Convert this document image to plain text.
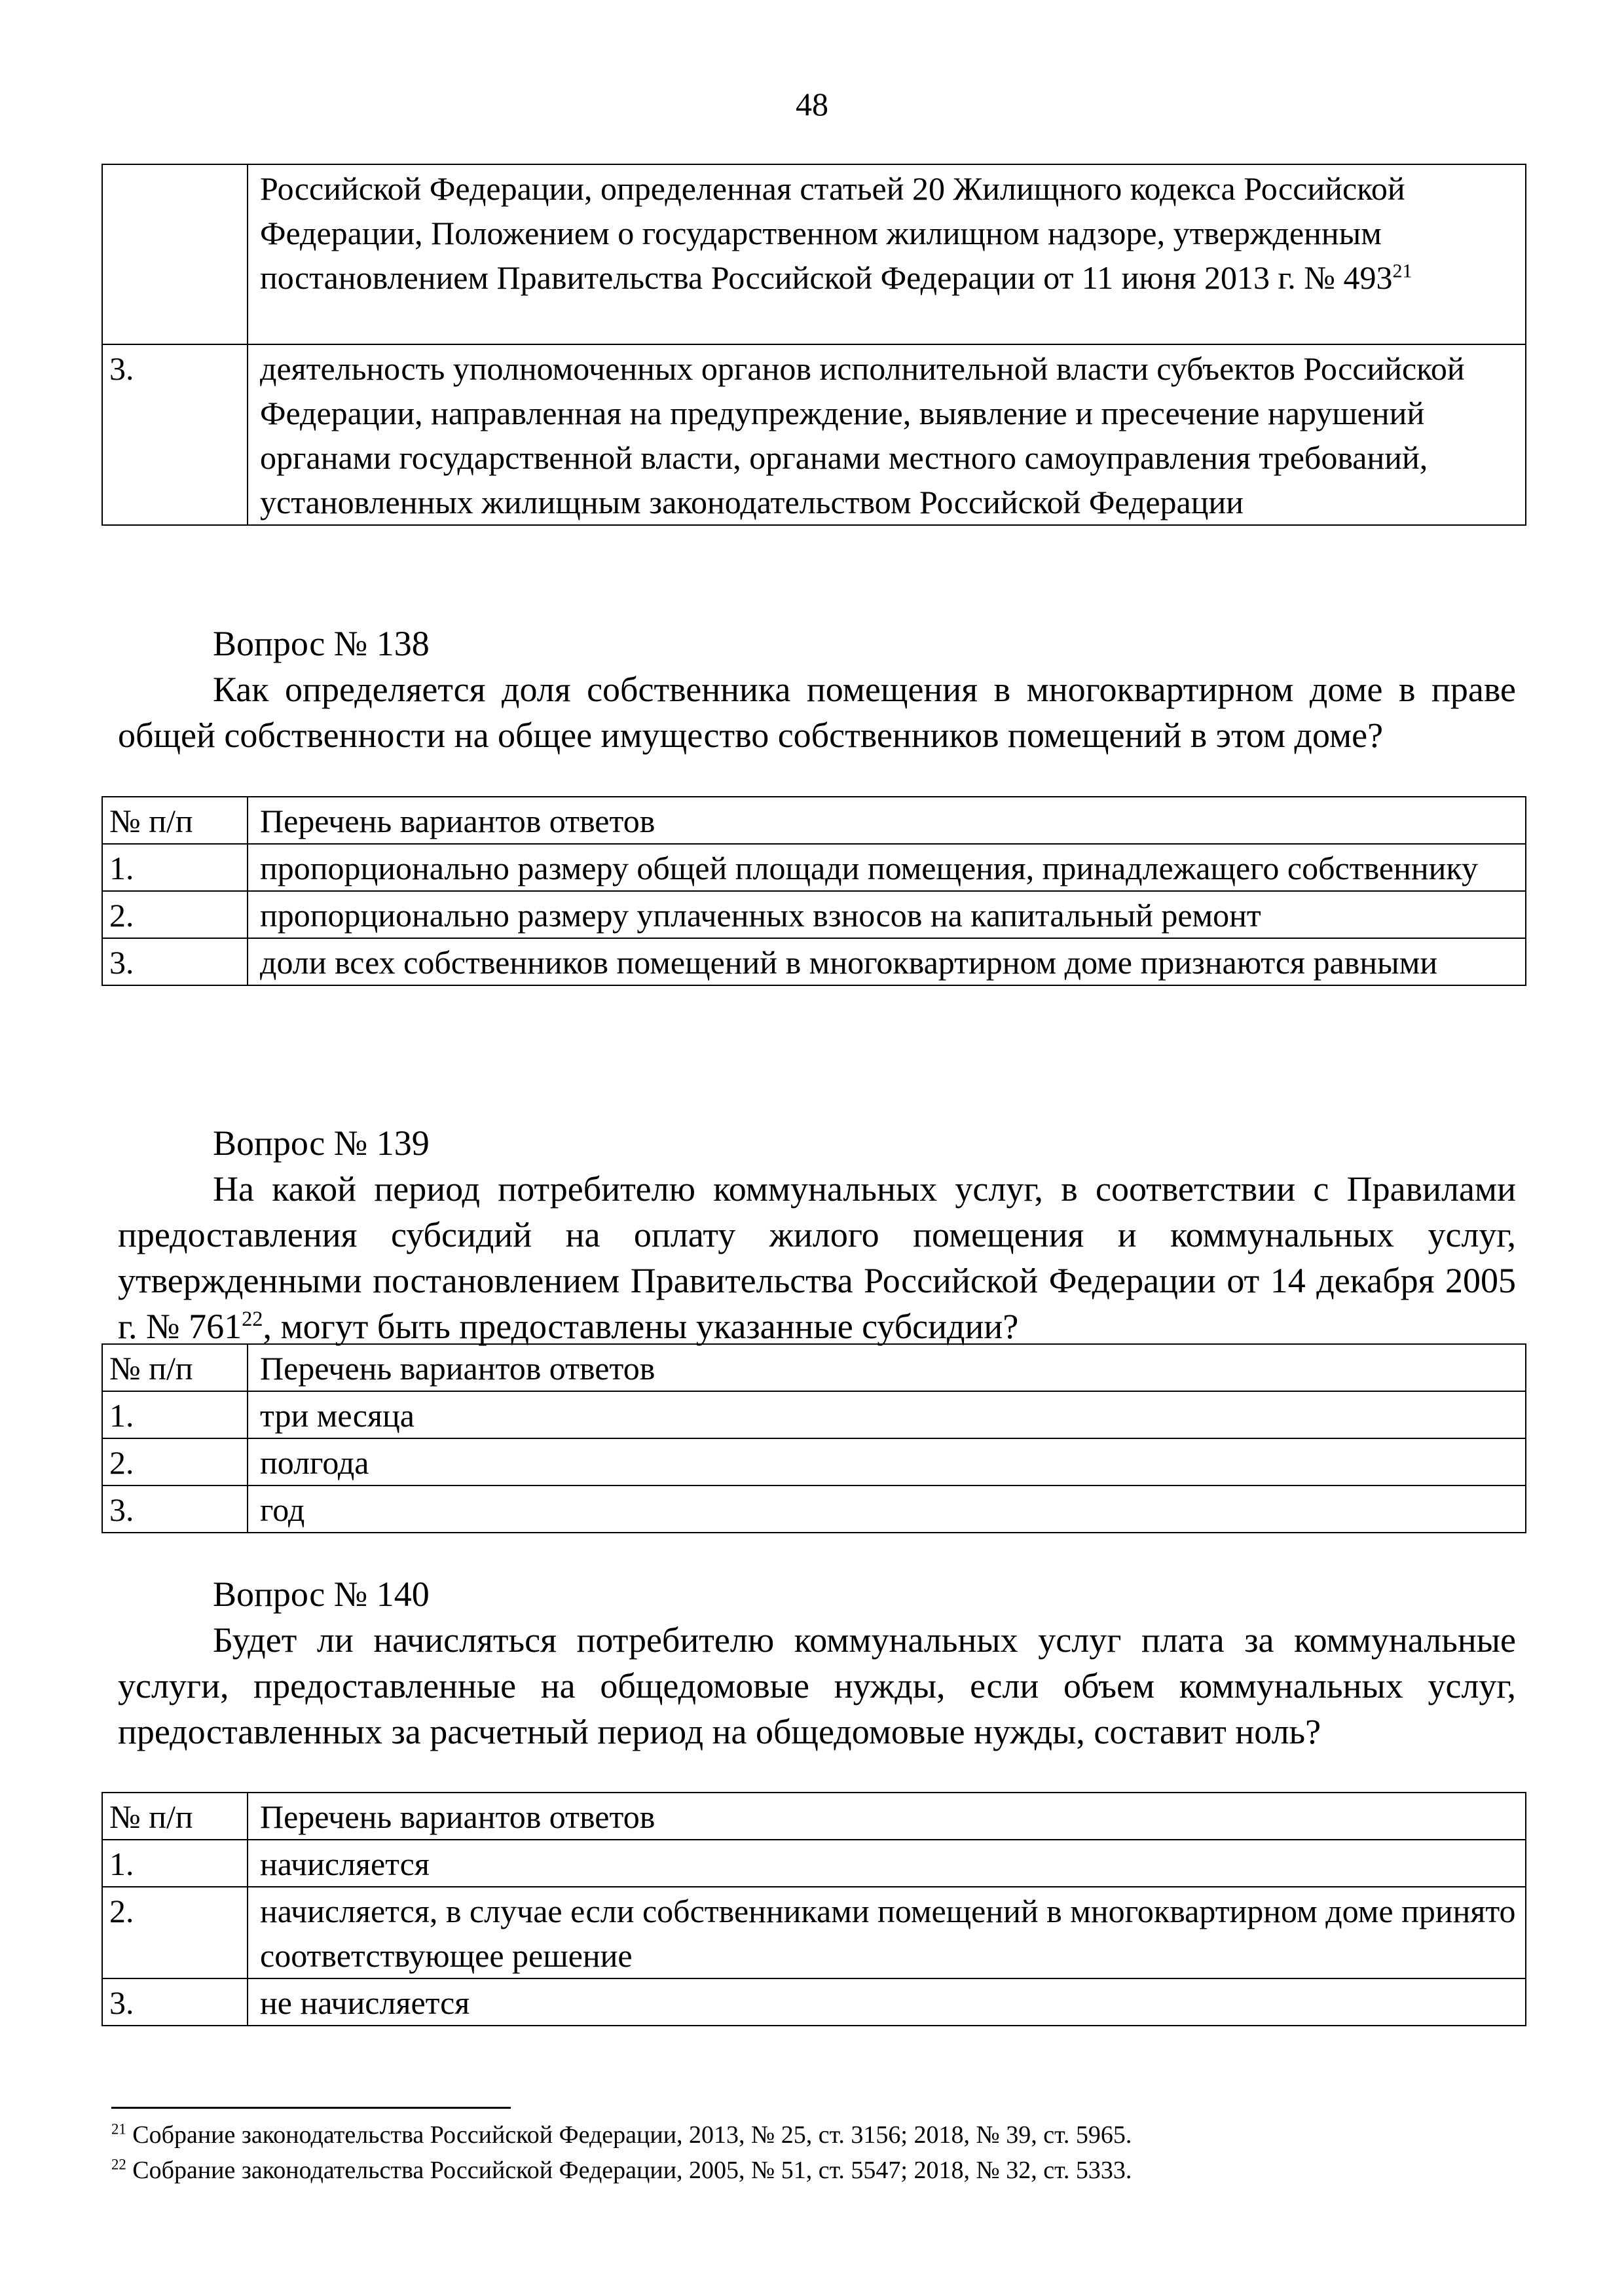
48
	Российской Федерации, определенная статьей 20 Жилищного кодекса Российской Федерации, Положением о государственном жилищном надзоре, утвержденным постановлением Правительства Российской Федерации от 11 июня 2013 г. № $493^{21}$
3.	деятельность уполномоченных органов исполнительной власти субъектов Российской Федерации, направленная на предупреждение, выявление и пресечение нарушений органами государственной власти, органами местного самоуправления требований, установленных жилищным законодательством Российской Федерации
Вопрос № 138

Как определяется доля собственника помещения в многоквартирном доме в праве общей собственности на общее имущество собственников помещений в этом доме?

№ п/п	Перечень вариантов ответов
1.	пропорционально размеру общей площади помещения, принадлежащего собственнику
2.	пропорционально размеру уплаченных взносов на капитальный ремонт
3.	доли всех собственников помещений в многоквартирном доме признаются равными
Вопрос № 139

На какой период потребителю коммунальных услуг, в соответствии с Правилами предоставления субсидий на оплату жилого помещения и коммунальных услуг, утвержденными постановлением Правительства Российской Федерации от 14 декабря 2005 г. № $761^{22}$, могут быть предоставлены указанные субсидии?

№ п/п	Перечень вариантов ответов
1.	три месяца
2.	полгода
3.	год
Вопрос № 140

Будет ли начисляться потребителю коммунальных услуг плата за коммунальные услуги, предоставленные на общедомовые нужды, если объем коммунальных услуг, предоставленных за расчетный период на общедомовые нужды, составит ноль?

№ п/п	Перечень вариантов ответов
1.	начисляется
2.	начисляется, в случае если собственниками помещений в многоквартирном доме принято соответствующее решение
3.	не начисляется
$^{21}$ Собрание законодательства Российской Федерации, 2013, № 25, ст. 3156; 2018, № 39, ст. 5965.
$^{22}$ Собрание законодательства Российской Федерации, 2005, № 51, ст. 5547; 2018, № 32, ст. 5333.
